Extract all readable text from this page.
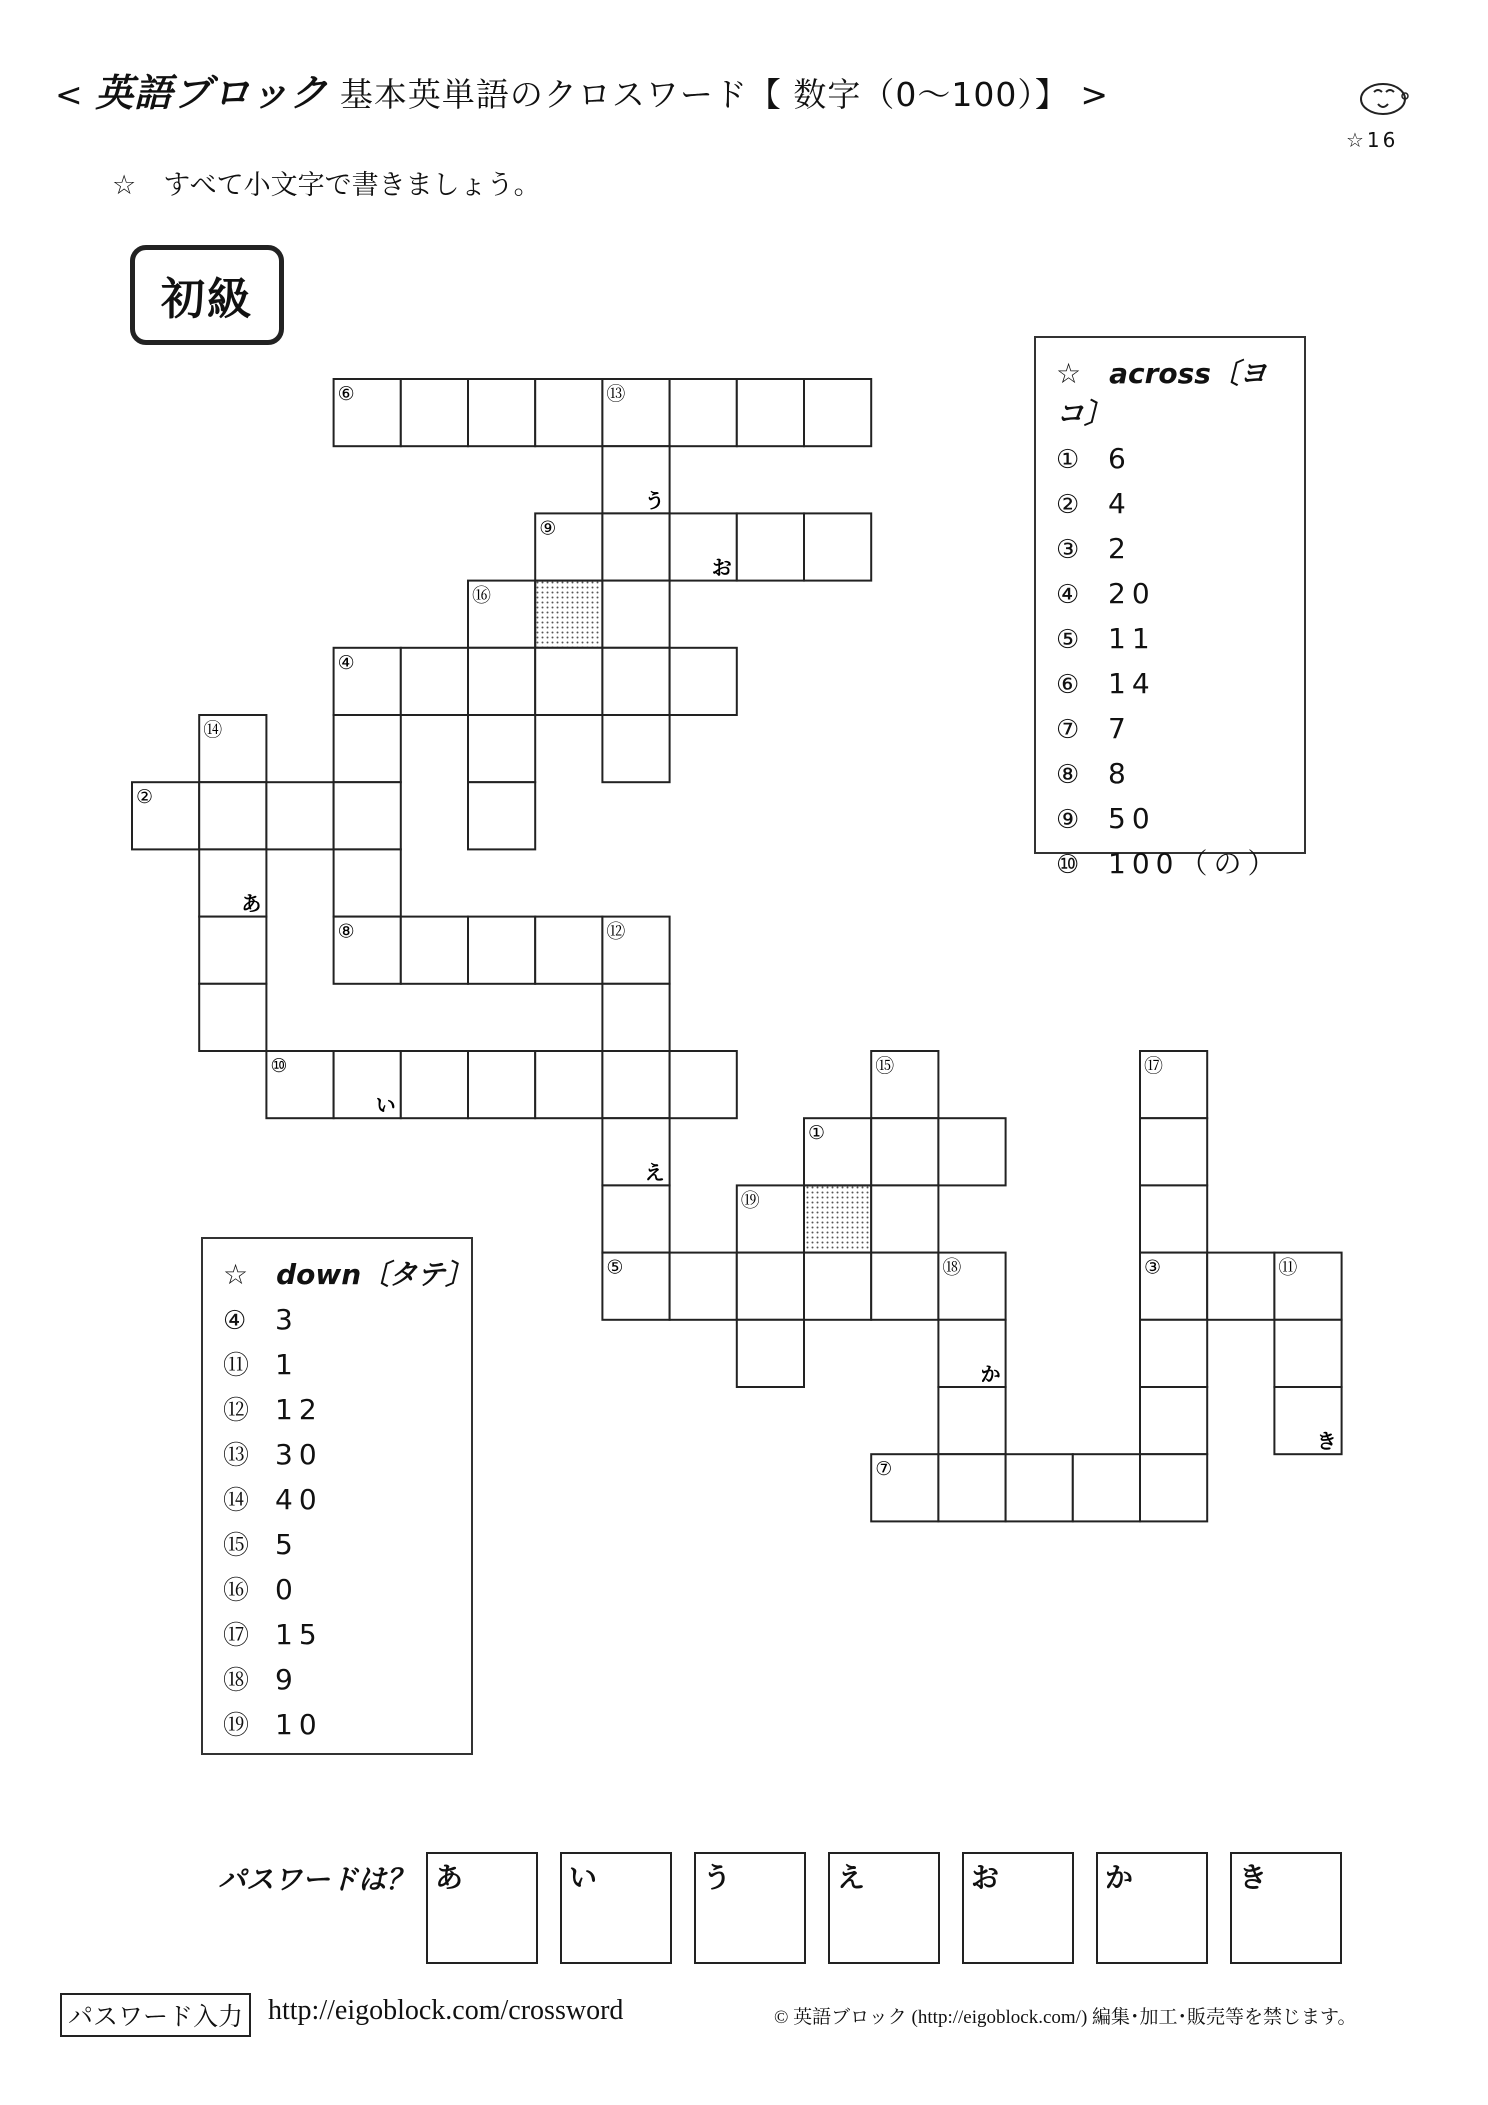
< 英語ブロック 基本英単語のクロスワード【 数字（0～100）】 >
☆16
☆　すべて小文字で書きましょう。
初級
⑥	⑬
⑨
⑯
④
⑭
②
⑧	⑫
⑩	⑮	⑰
①
⑲
⑤	⑱	③	⑪
⑦
う
お
あ
い
え
か
き
☆　across〔ヨコ〕
① 6
② 4
③ 2
④ 20
⑤ 11
⑥ 14
⑦ 7
⑧ 8
⑨ 50
⑩ 100（の）
☆　down〔タテ〕
④ 3
⑪ 1
⑫ 12
⑬ 30
⑭ 40
⑮ 5
⑯ 0
⑰ 15
⑱ 9
⑲ 10
パスワードは？ あ	い	う	え	お	か	き
パスワード入力 http://eigoblock.com/crossword	© 英語ブロック (http://eigoblock.com/) 編集･加工･販売等を禁じます。
